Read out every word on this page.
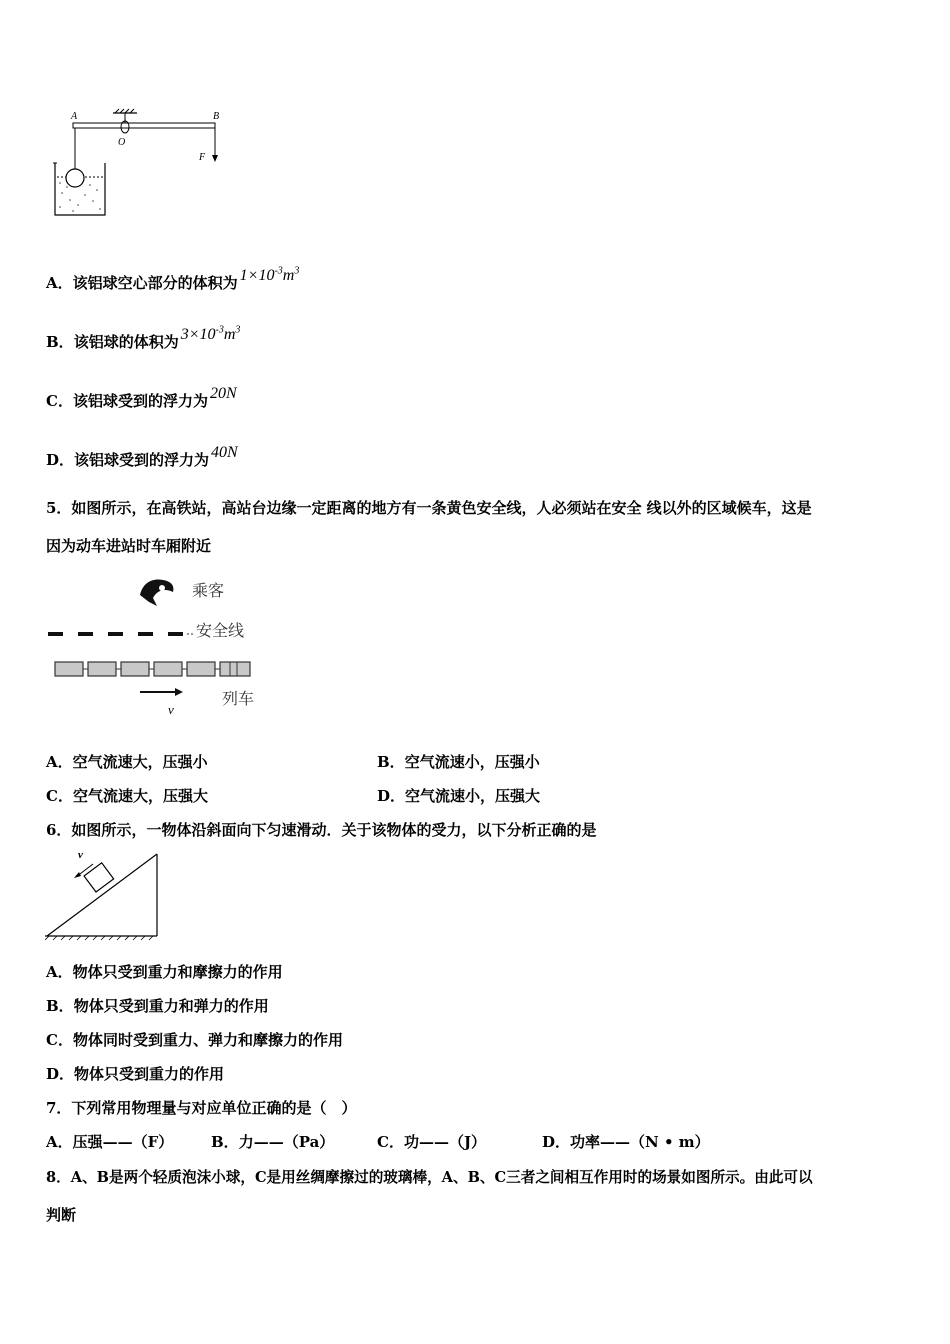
A
O
B
F
A．该铝球空心部分的体积为 $1\times 10^{-3}m^3$
B．该铝球的体积为 $3\times 10^{-3}m^3$
C．该铝球受到的浮力为 20N
D．该铝球受到的浮力为 40N
5．如图所示，在高铁站，高站台边缘一定距离的地方有一条黄色安全线，人必须站在安全 线以外的区域候车，这是
因为动车进站时车厢附近
乘客
安全线
列车
v
A．空气流速大，压强小	B．空气流速小，压强小
C．空气流速大，压强大	D．空气流速小，压强大
6．如图所示，一物体沿斜面向下匀速滑动．关于该物体的受力，以下分析正确的是
v
A．物体只受到重力和摩擦力的作用
B．物体只受到重力和弹力的作用
C．物体同时受到重力、弹力和摩擦力的作用
D．物体只受到重力的作用
7．下列常用物理量与对应单位正确的是（　）
A．压强——（F）	B．力——（Pa）	C．功——（J）	D．功率——（N • m）
8．A、B是两个轻质泡沫小球，C是用丝绸摩擦过的玻璃棒，A、B、C三者之间相互作用时的场景如图所示。由此可以
判断
